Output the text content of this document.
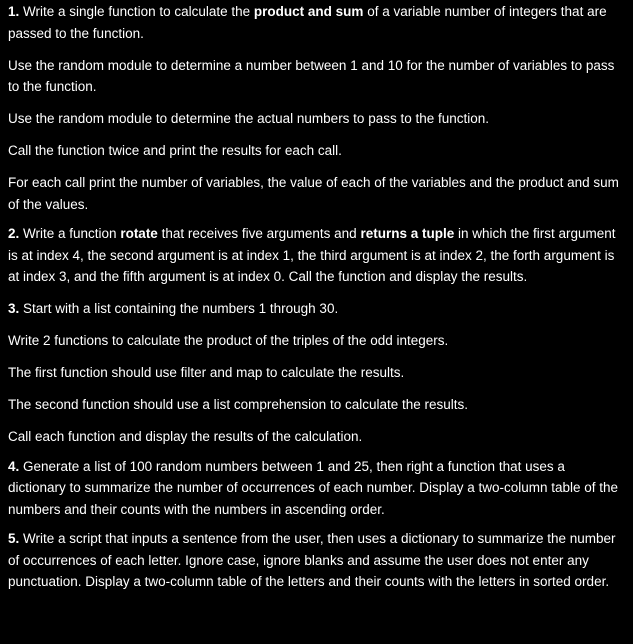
1. Write a single function to calculate the product and sum of a variable number of integers that are passed to the function.
Use the random module to determine a number between 1 and 10 for the number of variables to pass to the function.
Use the random module to determine the actual numbers to pass to the function.
Call the function twice and print the results for each call.
For each call print the number of variables, the value of each of the variables and the product and sum of the values.
2. Write a function rotate that receives five arguments and returns a tuple in which the first argument is at index 4, the second argument is at index 1, the third argument is at index 2, the forth argument is at index 3, and the fifth argument is at index 0. Call the function and display the results.
3. Start with a list containing the numbers 1 through 30.
Write 2 functions to calculate the product of the triples of the odd integers.
The first function should use filter and map to calculate the results.
The second function should use a list comprehension to calculate the results.
Call each function and display the results of the calculation.
4. Generate a list of 100 random numbers between 1 and 25, then right a function that uses a dictionary to summarize the number of occurrences of each number. Display a two-column table of the numbers and their counts with the numbers in ascending order.
5. Write a script that inputs a sentence from the user, then uses a dictionary to summarize the number of occurrences of each letter. Ignore case, ignore blanks and assume the user does not enter any punctuation. Display a two-column table of the letters and their counts with the letters in sorted order.
